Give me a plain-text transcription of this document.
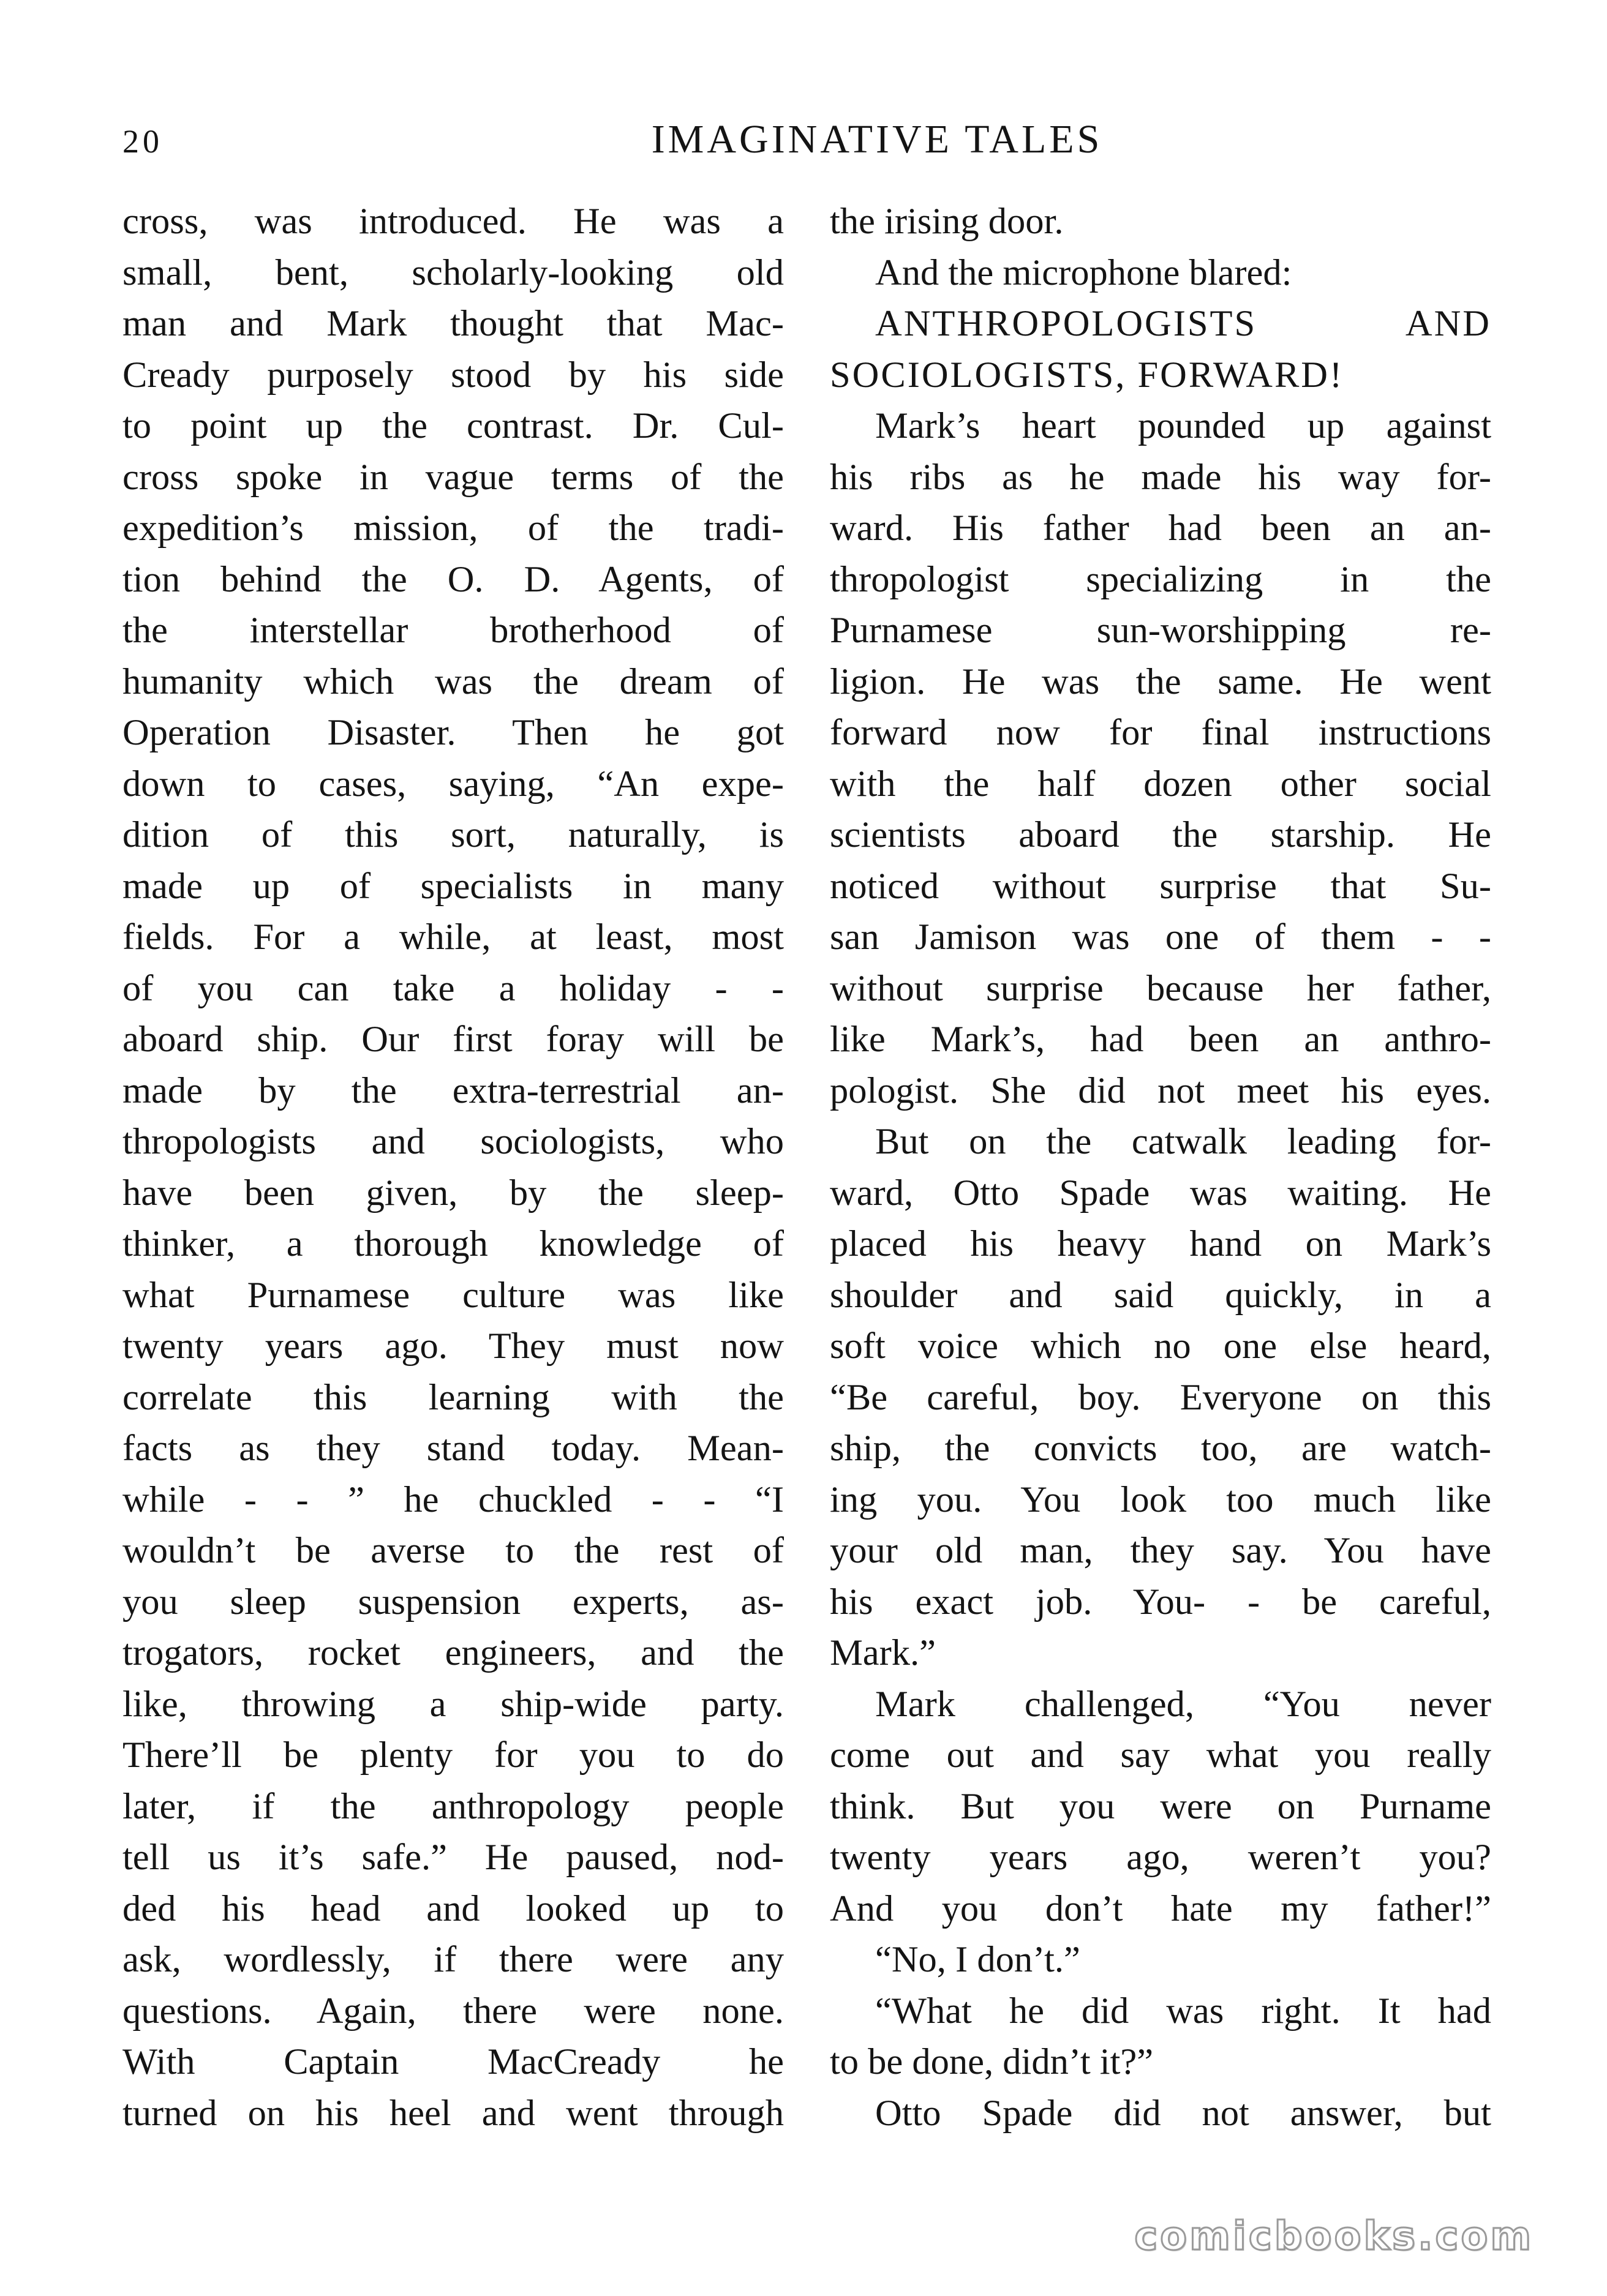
20	IMAGINATIVE TALES
cross, was introduced. He was a
small, bent, scholarly-looking old
man and Mark thought that Mac-
Cready purposely stood by his side
to point up the contrast. Dr. Cul-
cross spoke in vague terms of the
expedition’s mission, of the tradi-
tion behind the O. D. Agents, of
the interstellar brotherhood of
humanity which was the dream of
Operation Disaster. Then he got
down to cases, saying, “An expe-
dition of this sort, naturally, is
made up of specialists in many
fields. For a while, at least, most
of you can take a holiday - -
aboard ship. Our first foray will be
made by the extra-terrestrial an-
thropologists and sociologists, who
have been given, by the sleep-
thinker, a thorough knowledge of
what Purnamese culture was like
twenty years ago. They must now
correlate this learning with the
facts as they stand today. Mean-
while - - ” he chuckled - - “I
wouldn’t be averse to the rest of
you sleep suspension experts, as-
trogators, rocket engineers, and the
like, throwing a ship-wide party.
There’ll be plenty for you to do
later, if the anthropology people
tell us it’s safe.” He paused, nod-
ded his head and looked up to
ask, wordlessly, if there were any
questions. Again, there were none.
With Captain MacCready he
turned on his heel and went through
the irising door.
And the microphone blared:
ANTHROPOLOGISTS AND
SOCIOLOGISTS, FORWARD!
Mark’s heart pounded up against
his ribs as he made his way for-
ward. His father had been an an-
thropologist specializing in the
Purnamese sun-worshipping re-
ligion. He was the same. He went
forward now for final instructions
with the half dozen other social
scientists aboard the starship. He
noticed without surprise that Su-
san Jamison was one of them - -
without surprise because her father,
like Mark’s, had been an anthro-
pologist. She did not meet his eyes.
But on the catwalk leading for-
ward, Otto Spade was waiting. He
placed his heavy hand on Mark’s
shoulder and said quickly, in a
soft voice which no one else heard,
“Be careful, boy. Everyone on this
ship, the convicts too, are watch-
ing you. You look too much like
your old man, they say. You have
his exact job. You- - be careful,
Mark.”
Mark challenged, “You never
come out and say what you really
think. But you were on Purname
twenty years ago, weren’t you?
And you don’t hate my father!”
“No, I don’t.”
“What he did was right. It had
to be done, didn’t it?”
Otto Spade did not answer, but
comicbooks.com
